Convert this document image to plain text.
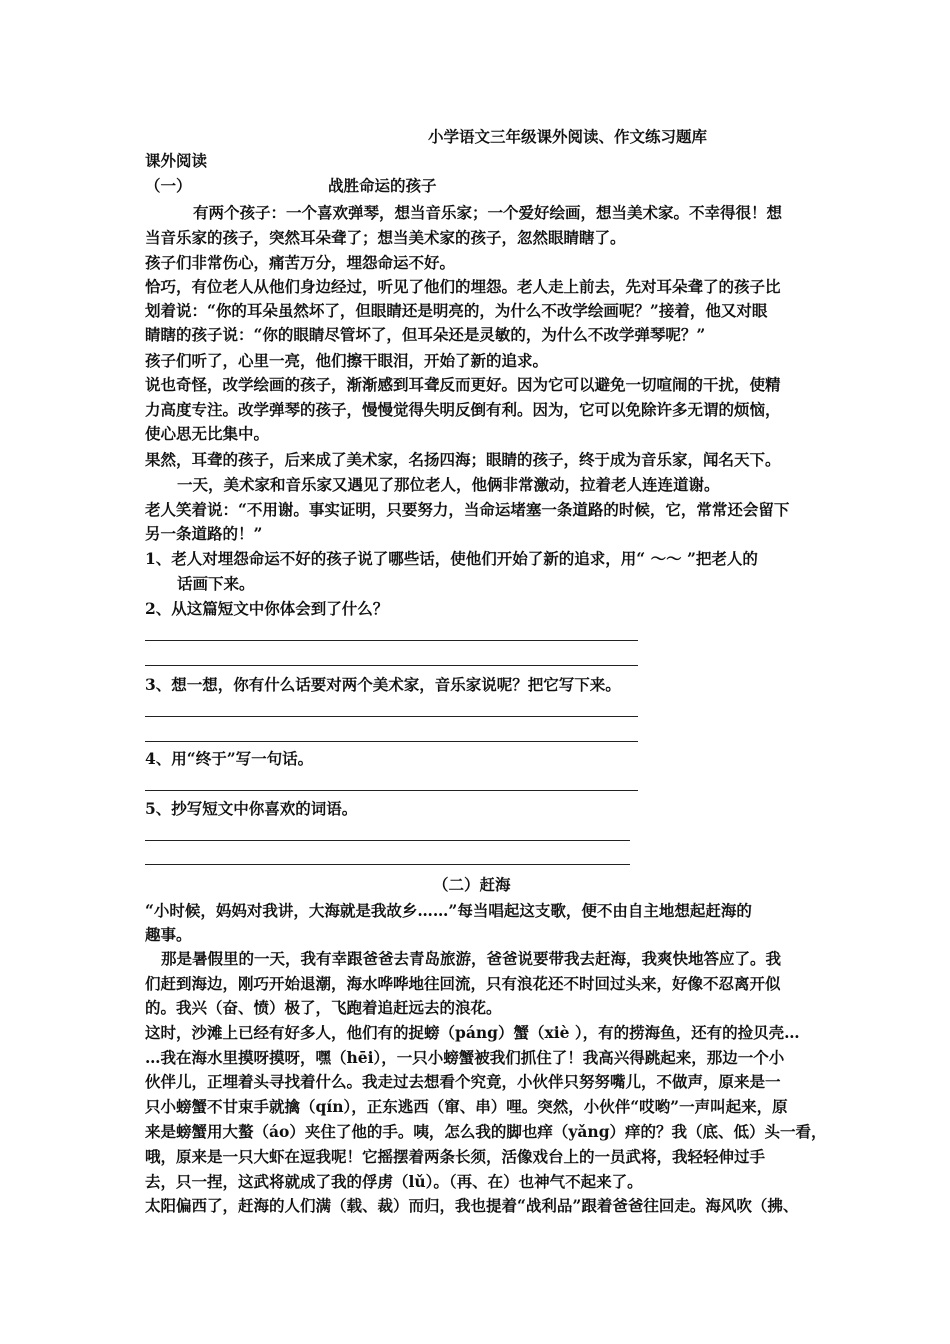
小学语文三年级课外阅读、作文练习题库
课外阅读
（一）	战胜命运的孩子
有两个孩子：一个喜欢弹琴，想当音乐家；一个爱好绘画，想当美术家。不幸得很！想
当音乐家的孩子，突然耳朵聋了；想当美术家的孩子，忽然眼睛瞎了。
孩子们非常伤心，痛苦万分，埋怨命运不好。
恰巧，有位老人从他们身边经过，听见了他们的埋怨。老人走上前去，先对耳朵聋了的孩子比
划着说：“你的耳朵虽然坏了，但眼睛还是明亮的，为什么不改学绘画呢？”接着，他又对眼
睛瞎的孩子说：“你的眼睛尽管坏了，但耳朵还是灵敏的，为什么不改学弹琴呢？”
孩子们听了，心里一亮，他们擦干眼泪，开始了新的追求。
说也奇怪，改学绘画的孩子，渐渐感到耳聋反而更好。因为它可以避免一切喧闹的干扰，使精
力高度专注。改学弹琴的孩子，慢慢觉得失明反倒有利。因为，它可以免除许多无谓的烦恼，
使心思无比集中。
果然，耳聋的孩子，后来成了美术家，名扬四海；眼睛的孩子，终于成为音乐家，闻名天下。
一天，美术家和音乐家又遇见了那位老人，他俩非常激动，拉着老人连连道谢。
老人笑着说：“不用谢。事实证明，只要努力，当命运堵塞一条道路的时候，它，常常还会留下
另一条道路的！”
1、老人对埋怨命运不好的孩子说了哪些话，使他们开始了新的追求，用“ ～～ ”把老人的
话画下来。
2、从这篇短文中你体会到了什么？
3、想一想，你有什么话要对两个美术家，音乐家说呢？把它写下来。
4、用“终于”写一句话。
5、抄写短文中你喜欢的词语。
（二）赶海
“小时候，妈妈对我讲，大海就是我故乡……”每当唱起这支歌，便不由自主地想起赶海的
趣事。
那是暑假里的一天，我有幸跟爸爸去青岛旅游，爸爸说要带我去赶海，我爽快地答应了。我
们赶到海边，刚巧开始退潮，海水哗哗地往回流，只有浪花还不时回过头来，好像不忍离开似
的。我兴（奋、愤）极了，飞跑着追赶远去的浪花。
这时，沙滩上已经有好多人，他们有的捉螃（páng）蟹（xiè ），有的捞海鱼，还有的捡贝壳…
…我在海水里摸呀摸呀，嘿（hēi），一只小螃蟹被我们抓住了！我高兴得跳起来，那边一个小
伙伴儿，正埋着头寻找着什么。我走过去想看个究竟，小伙伴只努努嘴儿，不做声，原来是一
只小螃蟹不甘束手就擒（qín），正东逃西（窜、串）哩。突然，小伙伴“哎哟”一声叫起来，原
来是螃蟹用大螯（áo）夹住了他的手。咦，怎么我的脚也痒（yǎng）痒的？我（底、低）头一看，
哦，原来是一只大虾在逗我呢！它摇摆着两条长须，活像戏台上的一员武将，我轻轻伸过手
去，只一捏，这武将就成了我的俘虏（lǔ）。（再、在）也神气不起来了。
太阳偏西了，赶海的人们满（载、裁）而归，我也提着“战利品”跟着爸爸往回走。海风吹（拂、
